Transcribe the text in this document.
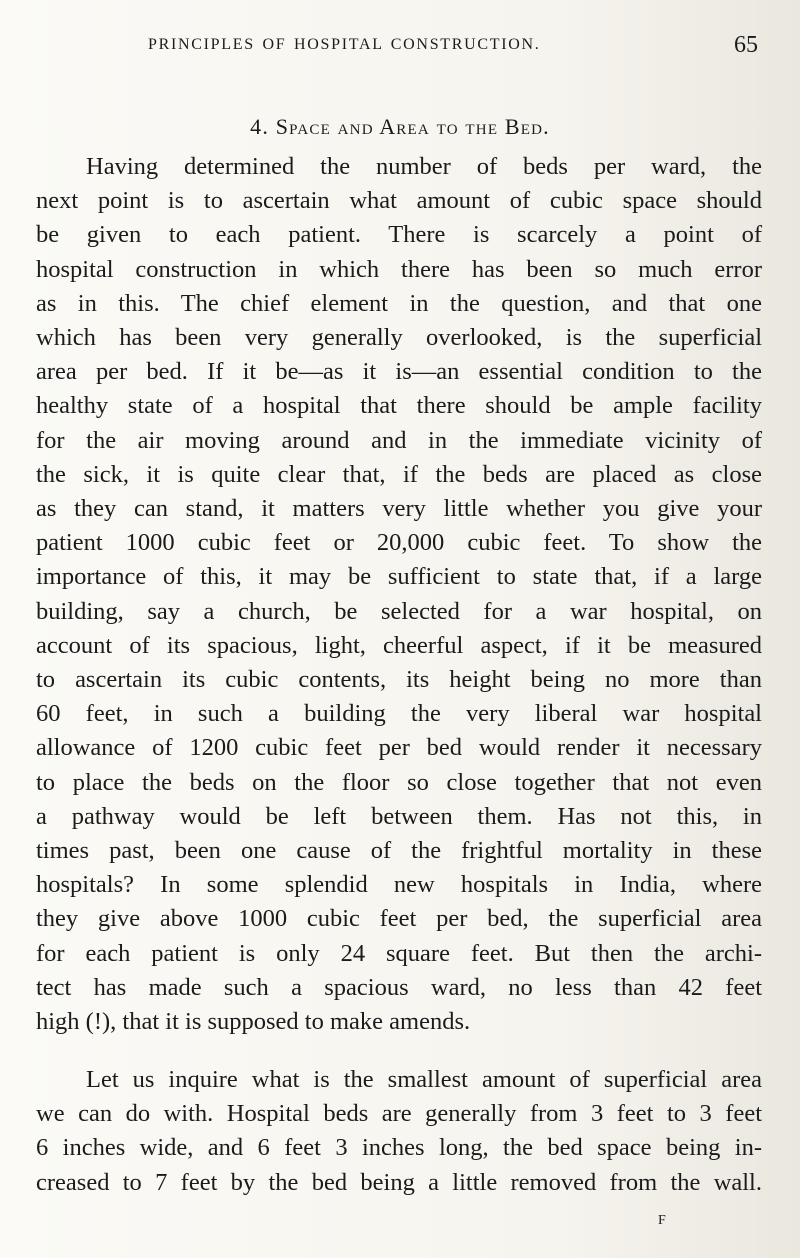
PRINCIPLES OF HOSPITAL CONSTRUCTION.	65
4. Space and Area to the Bed.
Having determined the number of beds per ward, the
next point is to ascertain what amount of cubic space should
be given to each patient. There is scarcely a point of
hospital construction in which there has been so much error
as in this. The chief element in the question, and that one
which has been very generally overlooked, is the superficial
area per bed. If it be—as it is—an essential condition to the
healthy state of a hospital that there should be ample facility
for the air moving around and in the immediate vicinity of
the sick, it is quite clear that, if the beds are placed as close
as they can stand, it matters very little whether you give your
patient 1000 cubic feet or 20,000 cubic feet. To show the
importance of this, it may be sufficient to state that, if a large
building, say a church, be selected for a war hospital, on
account of its spacious, light, cheerful aspect, if it be measured
to ascertain its cubic contents, its height being no more than
60 feet, in such a building the very liberal war hospital
allowance of 1200 cubic feet per bed would render it necessary
to place the beds on the floor so close together that not even
a pathway would be left between them. Has not this, in
times past, been one cause of the frightful mortality in these
hospitals? In some splendid new hospitals in India, where
they give above 1000 cubic feet per bed, the superficial area
for each patient is only 24 square feet. But then the archi-
tect has made such a spacious ward, no less than 42 feet
high (!), that it is supposed to make amends.
Let us inquire what is the smallest amount of superficial area
we can do with. Hospital beds are generally from 3 feet to 3 feet
6 inches wide, and 6 feet 3 inches long, the bed space being in-
creased to 7 feet by the bed being a little removed from the wall.
F
